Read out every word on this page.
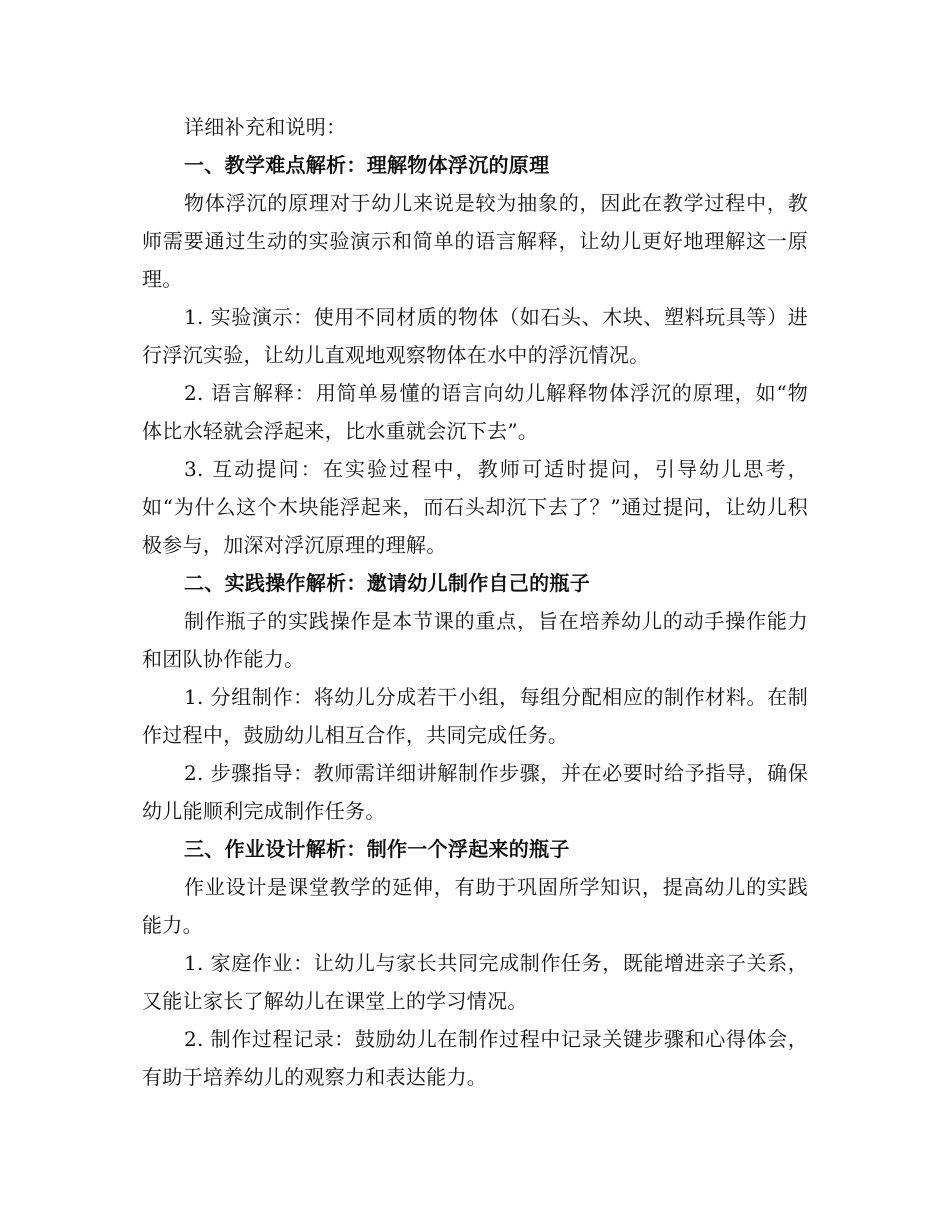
详细补充和说明：

一、教学难点解析：理解物体浮沉的原理

物体浮沉的原理对于幼儿来说是较为抽象的，因此在教学过程中，教师需要通过生动的实验演示和简单的语言解释，让幼儿更好地理解这一原理。

1. 实验演示：使用不同材质的物体（如石头、木块、塑料玩具等）进行浮沉实验，让幼儿直观地观察物体在水中的浮沉情况。

2. 语言解释：用简单易懂的语言向幼儿解释物体浮沉的原理，如“物体比水轻就会浮起来，比水重就会沉下去”。

3. 互动提问：在实验过程中，教师可适时提问，引导幼儿思考，如“为什么这个木块能浮起来，而石头却沉下去了？”通过提问，让幼儿积极参与，加深对浮沉原理的理解。

二、实践操作解析：邀请幼儿制作自己的瓶子

制作瓶子的实践操作是本节课的重点，旨在培养幼儿的动手操作能力和团队协作能力。

1. 分组制作：将幼儿分成若干小组，每组分配相应的制作材料。在制作过程中，鼓励幼儿相互合作，共同完成任务。

2. 步骤指导：教师需详细讲解制作步骤，并在必要时给予指导，确保幼儿能顺利完成制作任务。

三、作业设计解析：制作一个浮起来的瓶子

作业设计是课堂教学的延伸，有助于巩固所学知识，提高幼儿的实践能力。

1. 家庭作业：让幼儿与家长共同完成制作任务，既能增进亲子关系，又能让家长了解幼儿在课堂上的学习情况。

2. 制作过程记录：鼓励幼儿在制作过程中记录关键步骤和心得体会，有助于培养幼儿的观察力和表达能力。
